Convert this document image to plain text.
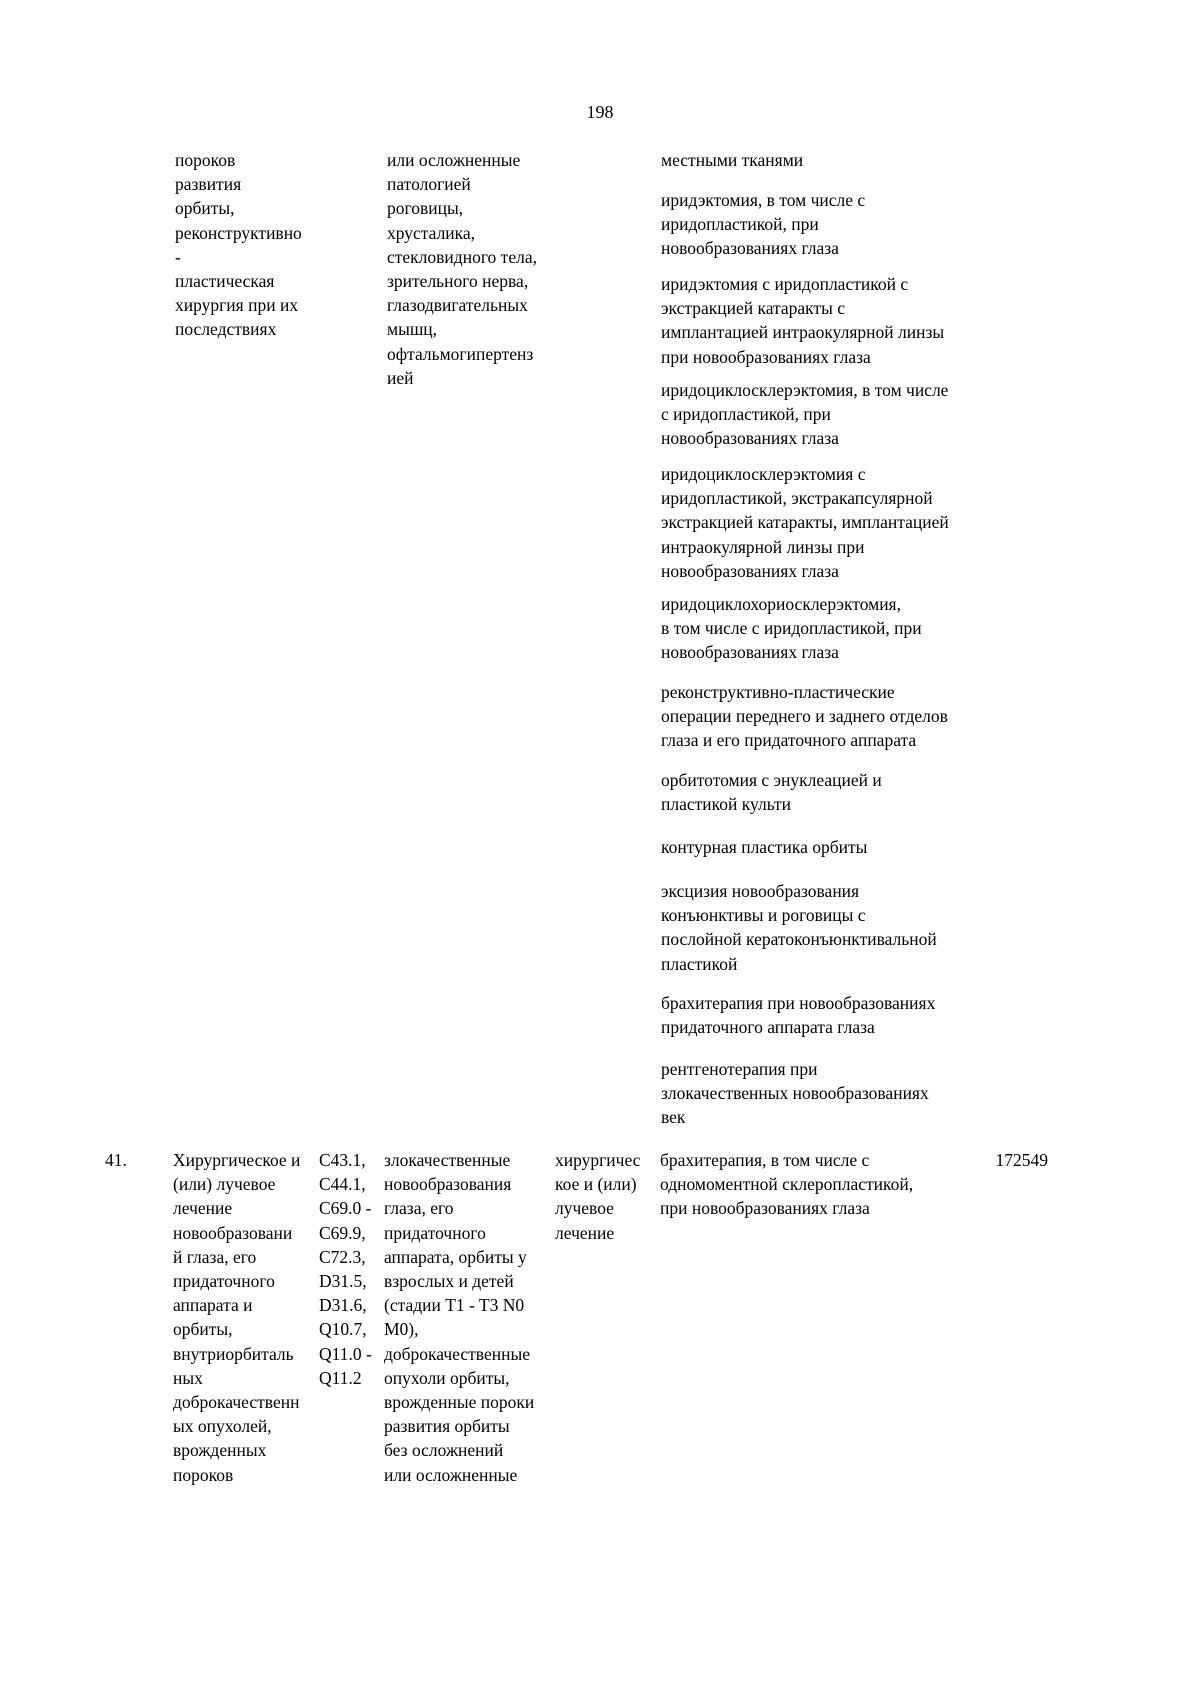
198
пороков
развития
орбиты,
реконструктивно
-
пластическая
хирургия при их
последствиях
или осложненные
патологией
роговицы,
хрусталика,
стекловидного тела,
зрительного нерва,
глазодвигательных
мышц,
офтальмогипертенз
ией
местными тканями
иридэктомия, в том числе с
иридопластикой, при
новообразованиях глаза
иридэктомия с иридопластикой с
экстракцией катаракты с
имплантацией интраокулярной линзы
при новообразованиях глаза
иридоциклосклерэктомия, в том числе
с иридопластикой, при
новообразованиях глаза
иридоциклосклерэктомия с
иридопластикой, экстракапсулярной
экстракцией катаракты, имплантацией
интраокулярной линзы при
новообразованиях глаза
иридоциклохориосклерэктомия,
в том числе с иридопластикой, при
новообразованиях глаза
реконструктивно-пластические
операции переднего и заднего отделов
глаза и его придаточного аппарата
орбитотомия с энуклеацией и
пластикой культи
контурная пластика орбиты
эксцизия новообразования
конъюнктивы и роговицы с
послойной кератоконъюнктивальной
пластикой
брахитерапия при новообразованиях
придаточного аппарата глаза
рентгенотерапия при
злокачественных новообразованиях
век
41.	Хирургическое и
(или) лучевое
лечение
новообразовани
й глаза, его
придаточного
аппарата и
орбиты,
внутриорбиталь
ных
доброкачественн
ых опухолей,
врожденных
пороков
C43.1,
C44.1,
C69.0 -
C69.9,
C72.3,
D31.5,
D31.6,
Q10.7,
Q11.0 -
Q11.2
злокачественные
новообразования
глаза, его
придаточного
аппарата, орбиты у
взрослых и детей
(стадии T1 - T3 N0
M0),
доброкачественные
опухоли орбиты,
врожденные пороки
развития орбиты
без осложнений
или осложненные
хирургичес
кое и (или)
лучевое
лечение
брахитерапия, в том числе с
одномоментной склеропластикой,
при новообразованиях глаза
172549
